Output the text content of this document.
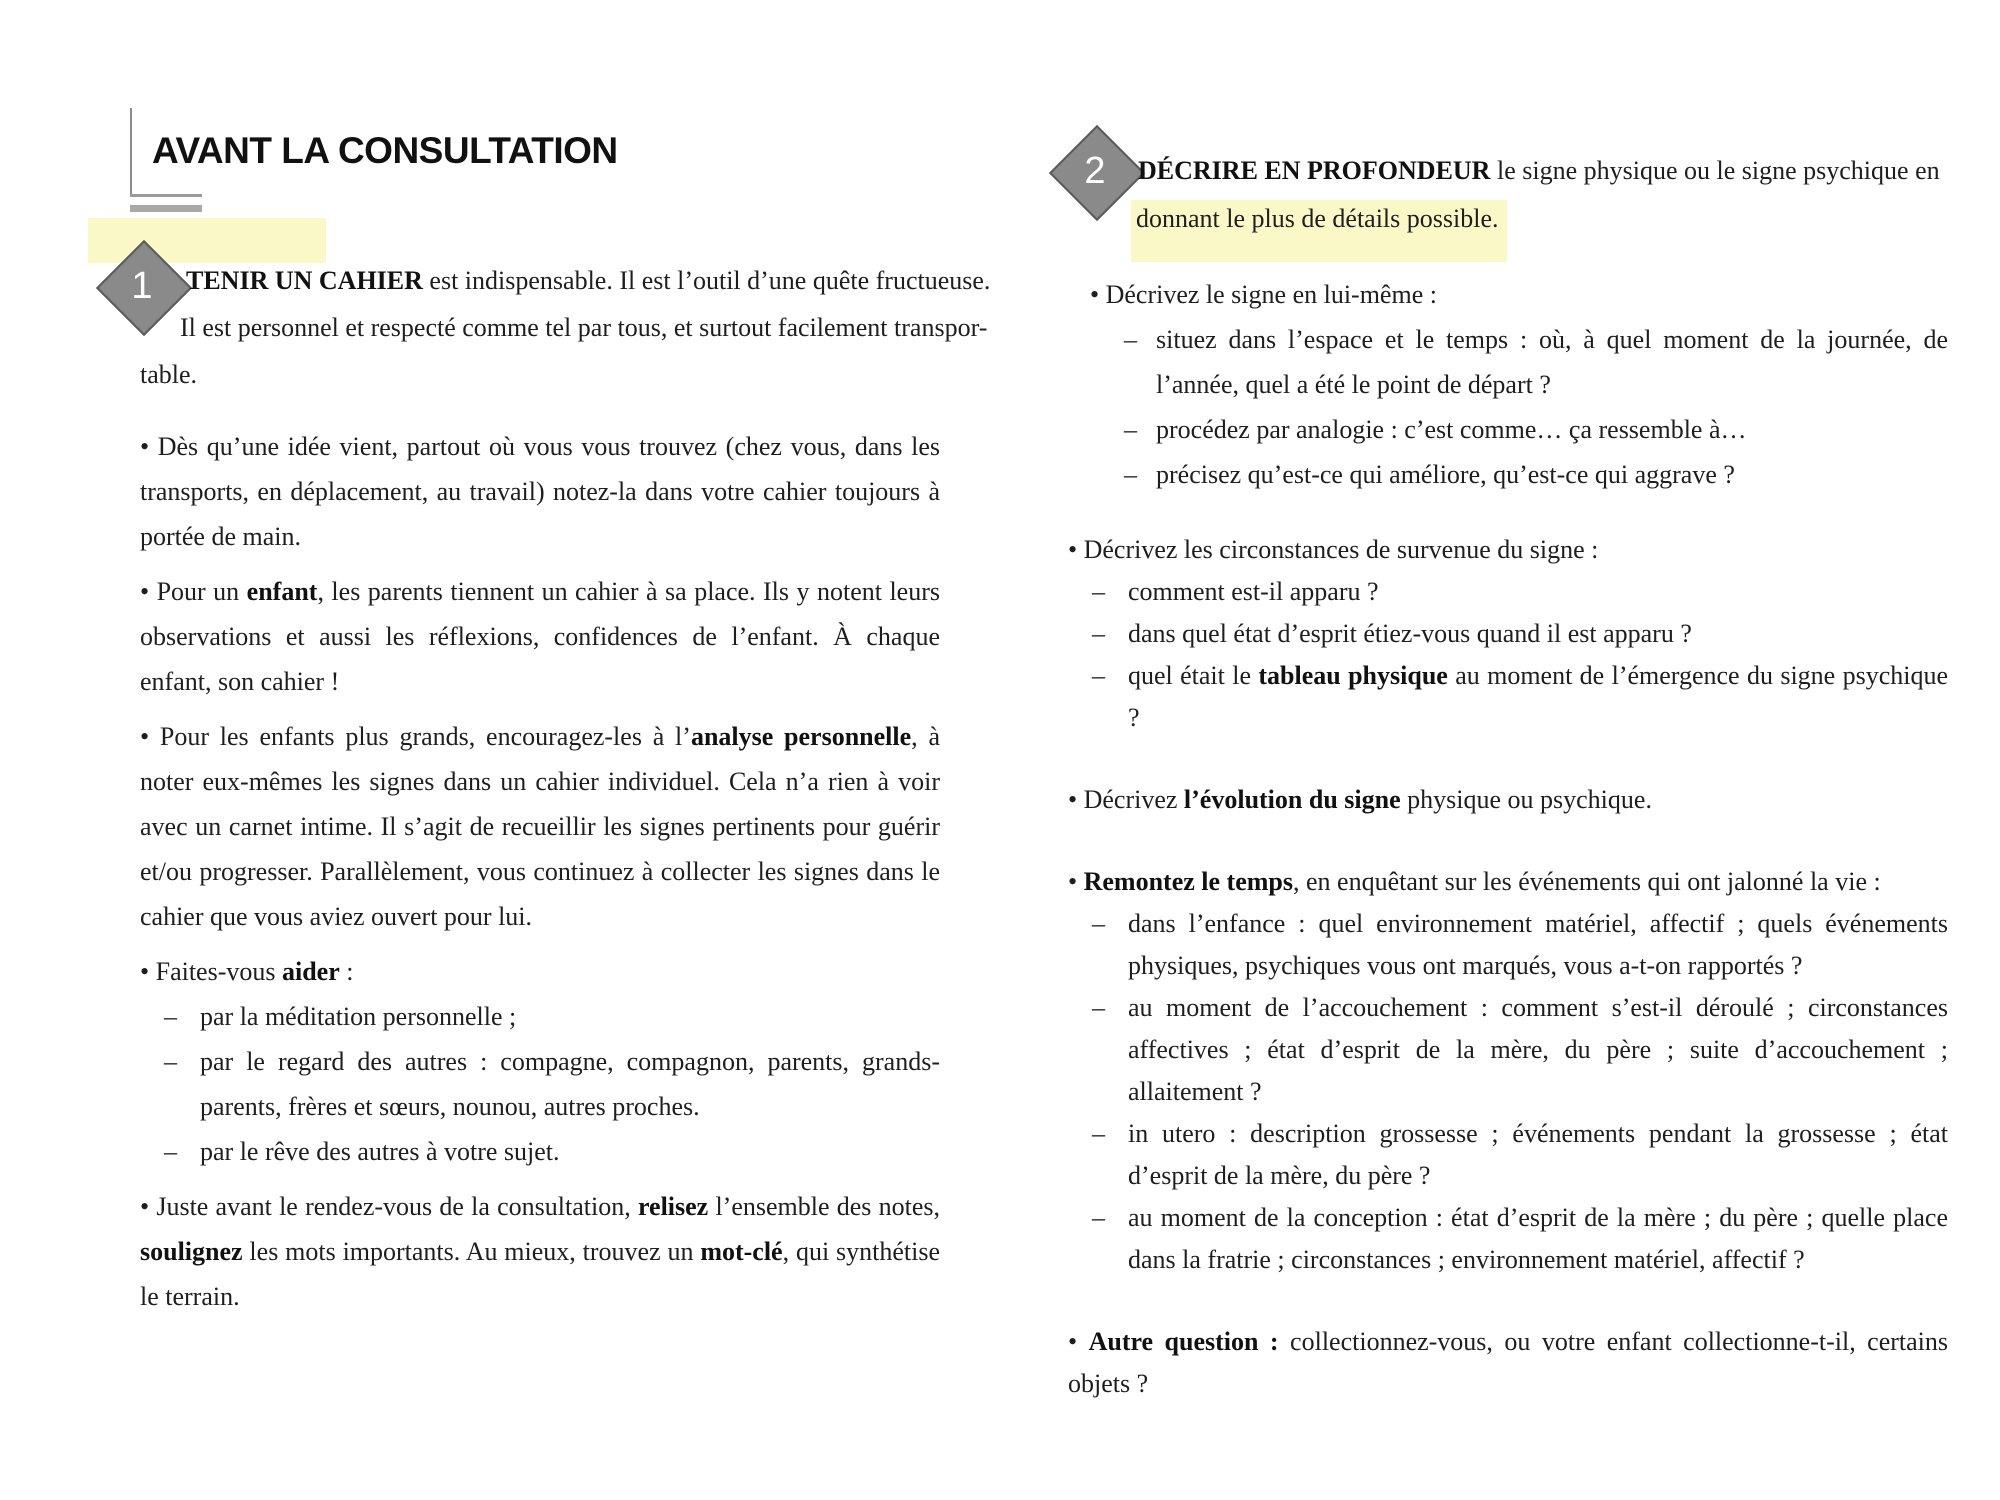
AVANT LA CONSULTATION
1	TENIR UN CAHIER est indispensable. Il est l’outil d’une quête fructueuse.
Il est personnel et respecté comme tel par tous, et surtout facilement transpor-
table.

• Dès qu’une idée vient, partout où vous vous trouvez (chez vous, dans les transports, en déplacement, au travail) notez-la dans votre cahier toujours à portée de main.

• Pour un enfant, les parents tiennent un cahier à sa place. Ils y notent leurs observations et aussi les réflexions, confidences de l’enfant. À chaque enfant, son cahier !

• Pour les enfants plus grands, encouragez-les à l’analyse personnelle, à noter eux-mêmes les signes dans un cahier individuel. Cela n’a rien à voir avec un carnet intime. Il s’agit de recueillir les signes pertinents pour guérir et/ou progresser. Parallèlement, vous continuez à collecter les signes dans le cahier que vous aviez ouvert pour lui.

• Faites-vous aider :

– par la méditation personnelle ;

– par le regard des autres : compagne, compagnon, parents, grands-parents, frères et sœurs, nounou, autres proches.

– par le rêve des autres à votre sujet.

• Juste avant le rendez-vous de la consultation, relisez l’ensemble des notes, soulignez les mots importants. Au mieux, trouvez un mot-clé, qui synthétise le terrain.

2	DÉCRIRE EN PROFONDEUR le signe physique ou le signe psychique en
donnant le plus de détails possible.

• Décrivez le signe en lui-même :

– situez dans l’espace et le temps : où, à quel moment de la journée, de l’année, quel a été le point de départ ?

– procédez par analogie : c’est comme… ça ressemble à…

– précisez qu’est-ce qui améliore, qu’est-ce qui aggrave ?

• Décrivez les circonstances de survenue du signe :

– comment est-il apparu ?

– dans quel état d’esprit étiez-vous quand il est apparu ?

– quel était le tableau physique au moment de l’émergence du signe psychique ?

• Décrivez l’évolution du signe physique ou psychique.

• Remontez le temps, en enquêtant sur les événements qui ont jalonné la vie :

– dans l’enfance : quel environnement matériel, affectif ; quels événements physiques, psychiques vous ont marqués, vous a-t-on rapportés ?

– au moment de l’accouchement : comment s’est-il déroulé ; circonstances affectives ; état d’esprit de la mère, du père ; suite d’accouchement ; allaitement ?

– in utero : description grossesse ; événements pendant la grossesse ; état d’esprit de la mère, du père ?

– au moment de la conception : état d’esprit de la mère ; du père ; quelle place dans la fratrie ; circonstances ; environnement matériel, affectif ?

• Autre question : collectionnez-vous, ou votre enfant collectionne-t-il, certains objets ?
